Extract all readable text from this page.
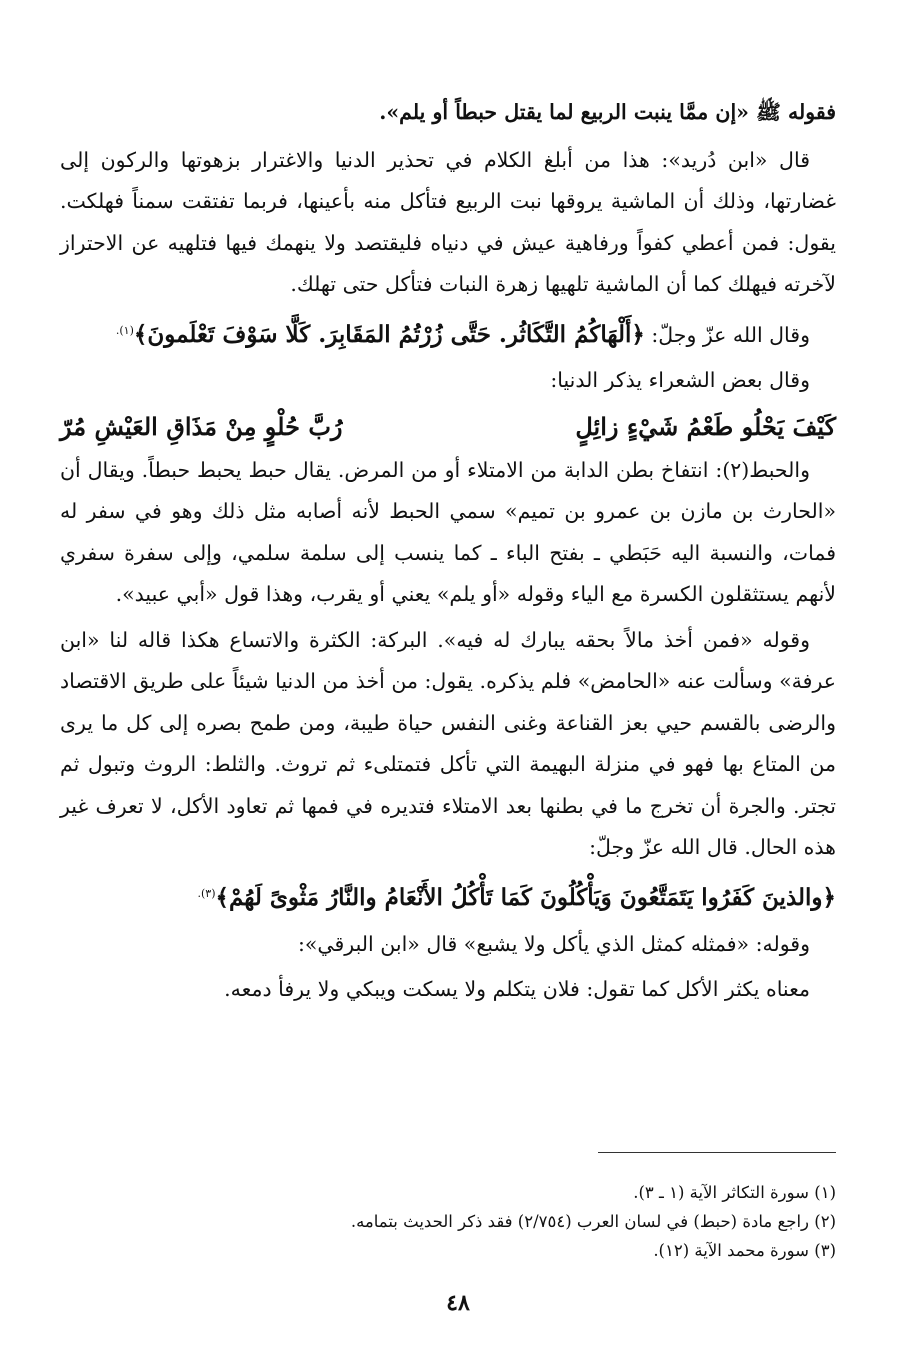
فقوله ﷺ «إن ممَّا ينبت الربيع لما يقتل حبطاً أو يلم».

قال «ابن دُريد»: هذا من أبلغ الكلام في تحذير الدنيا والاغترار بزهوتها والركون إلى غضارتها، وذلك أن الماشية يروقها نبت الربيع فتأكل منه بأعينها، فربما تفتقت سمناً فهلكت. يقول: فمن أعطي كفواً ورفاهية عيش في دنياه فليقتصد ولا ينهمك فيها فتلهيه عن الاحتراز لآخرته فيهلك كما أن الماشية تلهيها زهرة النبات فتأكل حتى تهلك.

وقال الله عزّ وجلّ: ﴿أَلْهَاكُمُ التَّكَاثُر. حَتَّى زُرْتُمُ المَقَابِرَ. كَلَّا سَوْفَ تَعْلَمونَ﴾$^{(١).}$

وقال بعض الشعراء يذكر الدنيا:

كَيْفَ يَحْلُو طَعْمُ شَيْءٍ زائِلٍ
رُبَّ حُلْوٍ مِنْ مَذَاقِ العَيْشِ مُرّ

والحبط(٢): انتفاخ بطن الدابة من الامتلاء أو من المرض. يقال حبط يحبط حبطاً. ويقال أن «الحارث بن مازن بن عمرو بن تميم» سمي الحبط لأنه أصابه مثل ذلك وهو في سفر له فمات، والنسبة اليه حَبَطي ـ بفتح الباء ـ كما ينسب إلى سلمة سلمي، وإلى سفرة سفري لأنهم يستثقلون الكسرة مع الياء وقوله «أو يلم» يعني أو يقرب، وهذا قول «أبي عبيد».

وقوله «فمن أخذ مالاً بحقه يبارك له فيه». البركة: الكثرة والاتساع هكذا قاله لنا «ابن عرفة» وسألت عنه «الحامض» فلم يذكره. يقول: من أخذ من الدنيا شيئاً على طريق الاقتصاد والرضى بالقسم حيي بعز القناعة وغنى النفس حياة طيبة، ومن طمح بصره إلى كل ما يرى من المتاع بها فهو في منزلة البهيمة التي تأكل فتمتلىء ثم تروث. والثلط: الروث وتبول ثم تجتر. والجرة أن تخرج ما في بطنها بعد الامتلاء فتديره في فمها ثم تعاود الأكل، لا تعرف غير هذه الحال. قال الله عزّ وجلّ:

﴿والذينَ كَفَرُوا يَتَمَتَّعُونَ وَيَأْكُلُونَ كَمَا تَأْكُلُ الأَنْعَامُ والنَّارُ مَثْوىً لَهُمْ﴾$^{(٣).}$

وقوله: «فمثله كمثل الذي يأكل ولا يشبع» قال «ابن البرقي»:

معناه يكثر الأكل كما تقول: فلان يتكلم ولا يسكت ويبكي ولا يرفأ دمعه.

(١) سورة التكاثر الآية (١ ـ ٣).

(٢) راجع مادة (حبط) في لسان العرب (٢/٧٥٤) فقد ذكر الحديث بتمامه.

(٣) سورة محمد الآية (١٢).

٤٨
